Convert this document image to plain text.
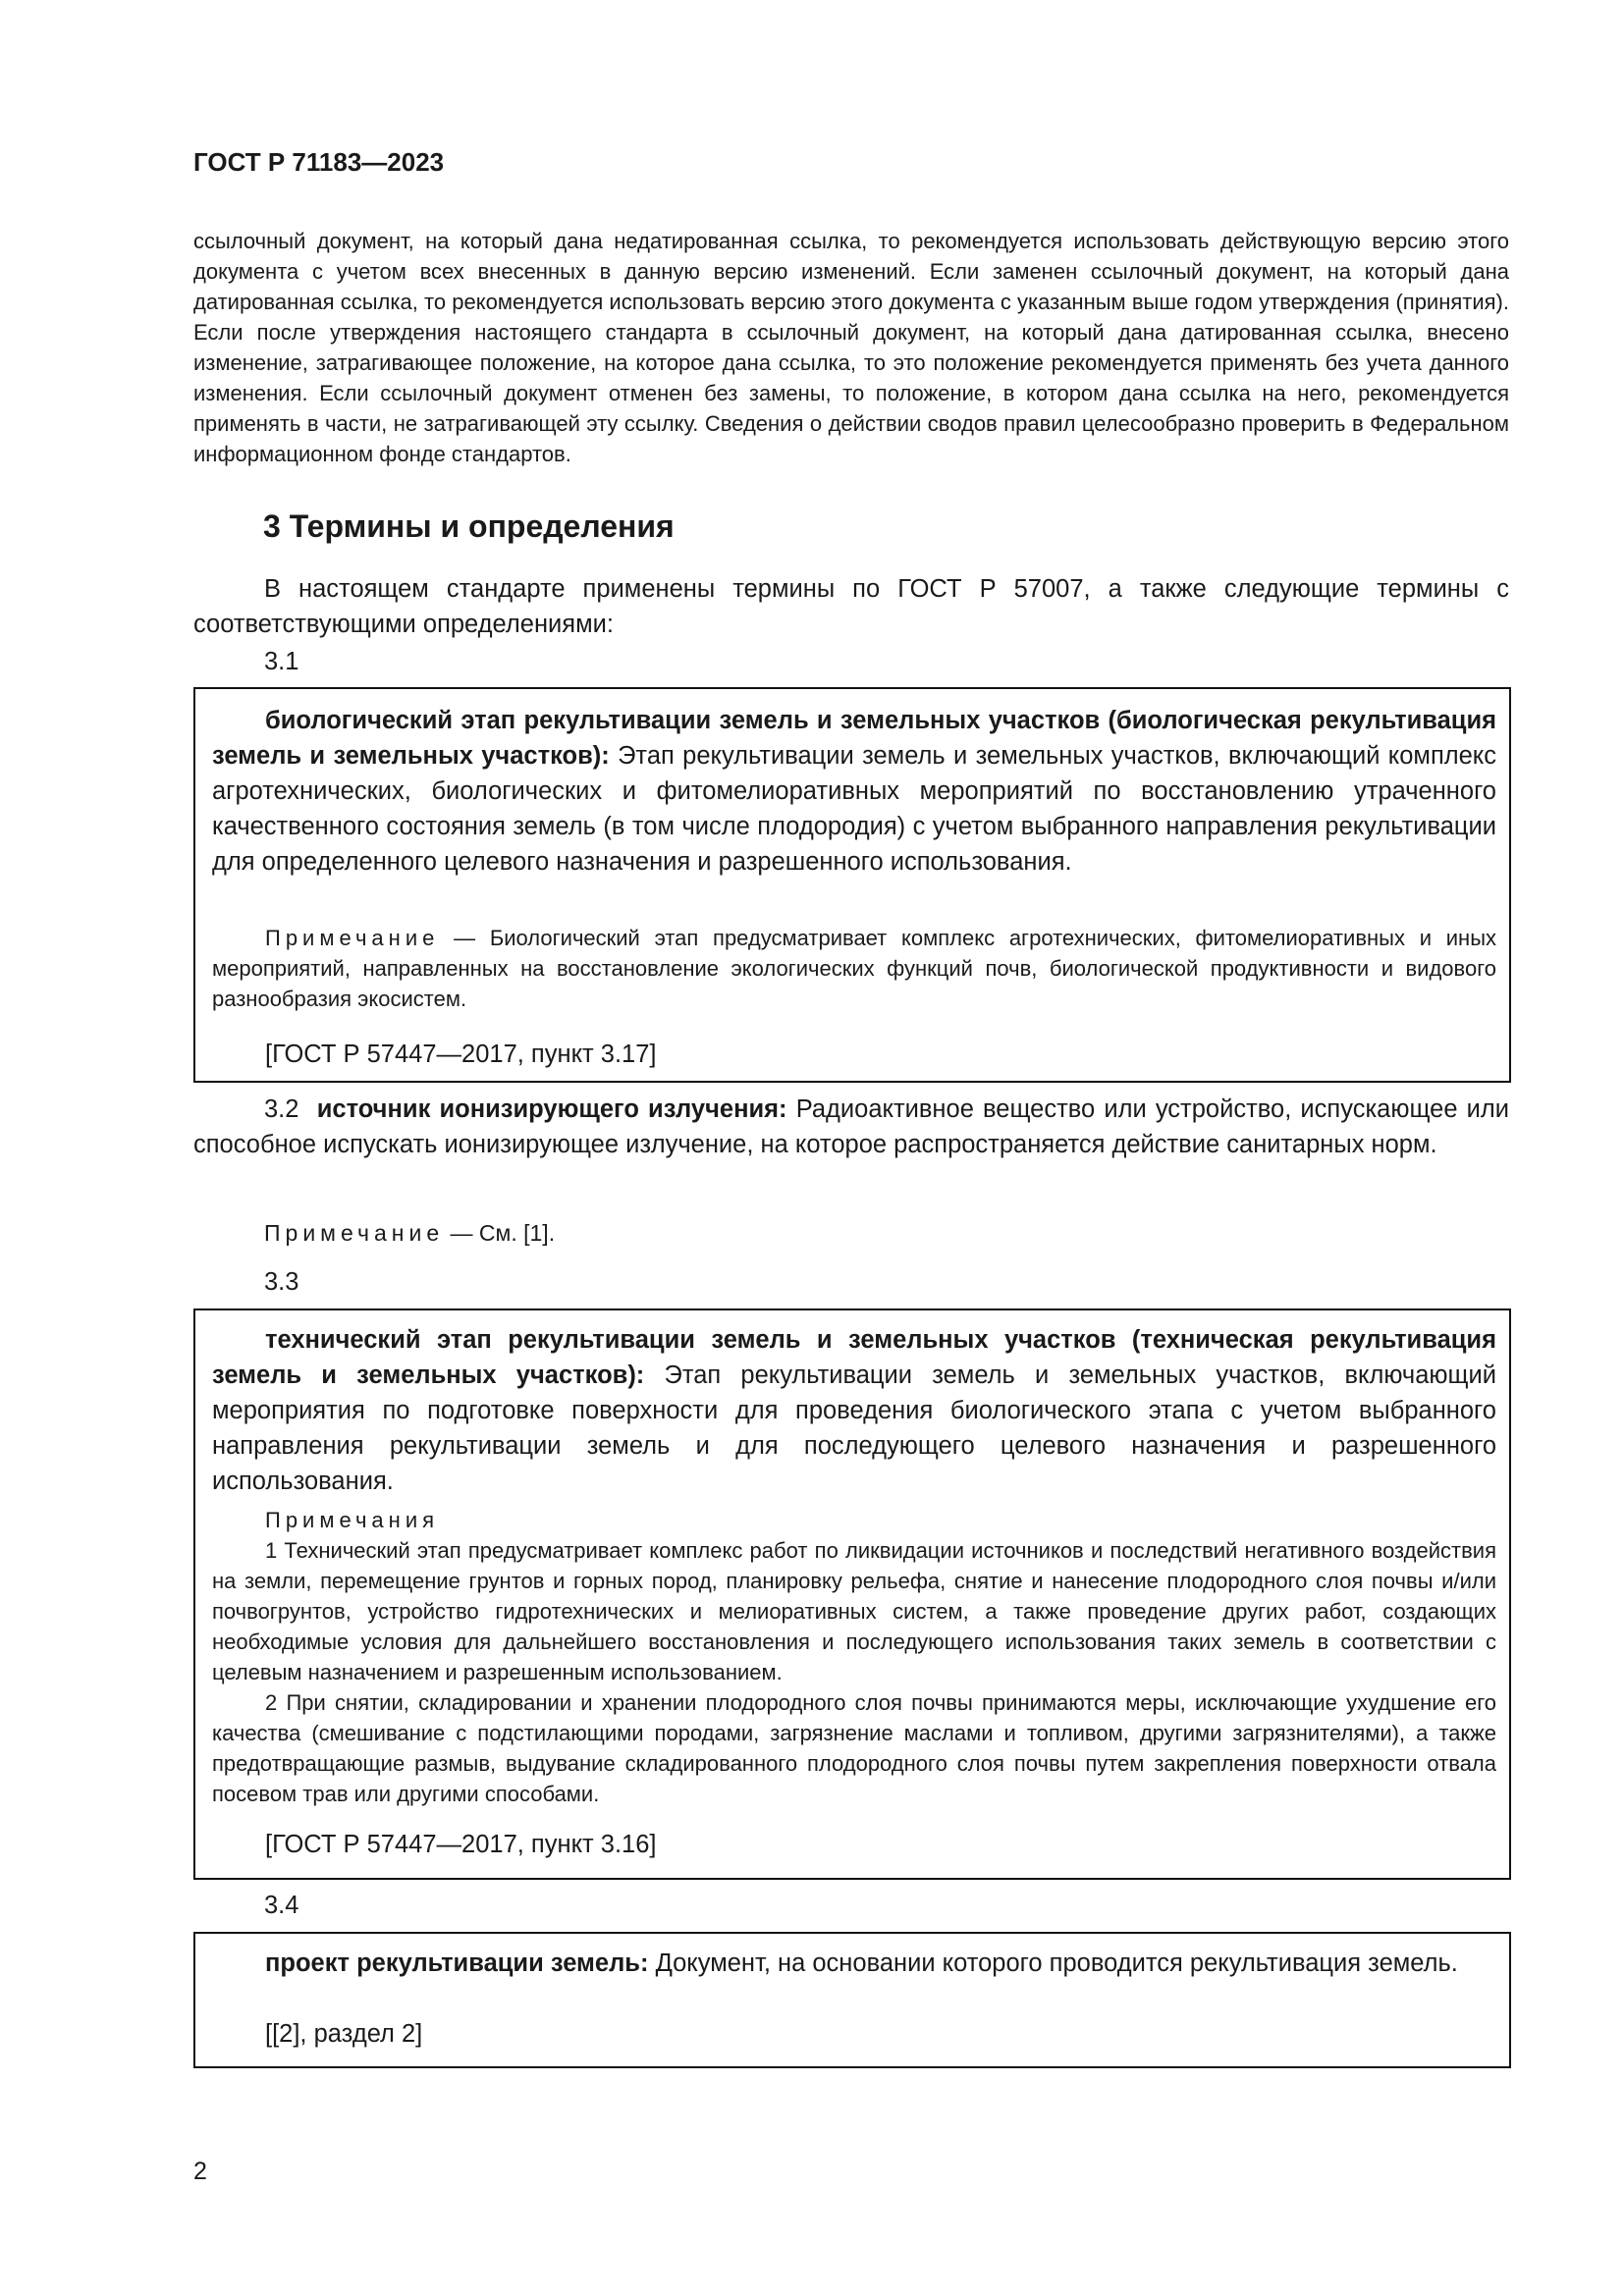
ГОСТ Р 71183—2023
ссылочный документ, на который дана недатированная ссылка, то рекомендуется использовать действующую версию этого документа с учетом всех внесенных в данную версию изменений. Если заменен ссылочный документ, на который дана датированная ссылка, то рекомендуется использовать версию этого документа с указанным выше годом утверждения (принятия). Если после утверждения настоящего стандарта в ссылочный документ, на который дана датированная ссылка, внесено изменение, затрагивающее положение, на которое дана ссылка, то это положение рекомендуется применять без учета данного изменения. Если ссылочный документ отменен без замены, то положение, в котором дана ссылка на него, рекомендуется применять в части, не затрагивающей эту ссылку. Сведения о действии сводов правил целесообразно проверить в Федеральном информационном фонде стандартов.
3 Термины и определения
В настоящем стандарте применены термины по ГОСТ Р 57007, а также следующие термины с соответствующими определениями:
3.1
биологический этап рекультивации земель и земельных участков (биологическая рекультивация земель и земельных участков): Этап рекультивации земель и земельных участков, включающий комплекс агротехнических, биологических и фитомелиоративных мероприятий по восстановлению утраченного качественного состояния земель (в том числе плодородия) с учетом выбранного направления рекультивации для определенного целевого назначения и разрешенного использования.
Примечание — Биологический этап предусматривает комплекс агротехнических, фитомелиоративных и иных мероприятий, направленных на восстановление экологических функций почв, биологической продуктивности и видового разнообразия экосистем.
[ГОСТ Р 57447—2017, пункт 3.17]
3.2 источник ионизирующего излучения: Радиоактивное вещество или устройство, испускающее или способное испускать ионизирующее излучение, на которое распространяется действие санитарных норм.
Примечание — См. [1].
3.3
технический этап рекультивации земель и земельных участков (техническая рекультивация земель и земельных участков): Этап рекультивации земель и земельных участков, включающий мероприятия по подготовке поверхности для проведения биологического этапа с учетом выбранного направления рекультивации земель и для последующего целевого назначения и разрешенного использования.
Примечания
1 Технический этап предусматривает комплекс работ по ликвидации источников и последствий негативного воздействия на земли, перемещение грунтов и горных пород, планировку рельефа, снятие и нанесение плодородного слоя почвы и/или почвогрунтов, устройство гидротехнических и мелиоративных систем, а также проведение других работ, создающих необходимые условия для дальнейшего восстановления и последующего использования таких земель в соответствии с целевым назначением и разрешенным использованием.
2 При снятии, складировании и хранении плодородного слоя почвы принимаются меры, исключающие ухудшение его качества (смешивание с подстилающими породами, загрязнение маслами и топливом, другими загрязнителями), а также предотвращающие размыв, выдувание складированного плодородного слоя почвы путем закрепления поверхности отвала посевом трав или другими способами.
[ГОСТ Р 57447—2017, пункт 3.16]
3.4
проект рекультивации земель: Документ, на основании которого проводится рекультивация земель.
[[2], раздел 2]
2
